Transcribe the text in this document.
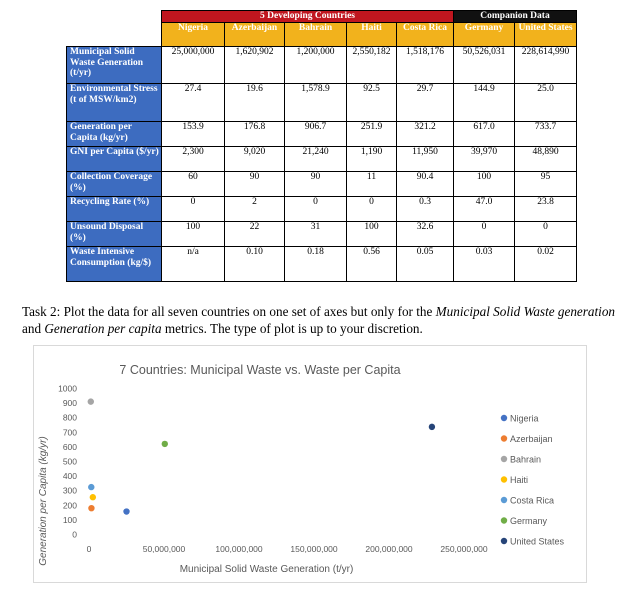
	5 Developing Countries					Companion Data	
	Nigeria	Azerbaijan	Bahrain	Haiti	Costa Rica	Germany	United States
Municipal Solid Waste Generation (t/yr)	25,000,000	1,620,902	1,200,000	2,550,182	1,518,176	50,526,031	228,614,990
Environmental Stress (t of MSW/km2)	27.4	19.6	1,578.9	92.5	29.7	144.9	25.0
Generation per Capita (kg/yr)	153.9	176.8	906.7	251.9	321.2	617.0	733.7
GNI per Capita ($/yr)	2,300	9,020	21,240	1,190	11,950	39,970	48,890
Collection Coverage (%)	60	90	90	11	90.4	100	95
Recycling Rate (%)	0	2	0	0	0.3	47.0	23.8
Unsound Disposal (%)	100	22	31	100	32.6	0	0
Waste Intensive Consumption (kg/$)	n/a	0.10	0.18	0.56	0.05	0.03	0.02

Task 2: Plot the data for all seven countries on one set of axes but only for the Municipal Solid Waste generation and Generation per capita metrics. The type of plot is up to your discretion.

7 Countries: Municipal Waste vs. Waste per Capita
0
100
200
300
400
500
600
700
800
900
1000
0	50,000,000	100,000,000	150,000,000	200,000,000	250,000,000
Municipal Solid Waste Generation (t/yr)
Generation per Capita (kg/yr)
Nigeria
Azerbaijan
Bahrain
Haiti
Costa Rica
Germany
United States
